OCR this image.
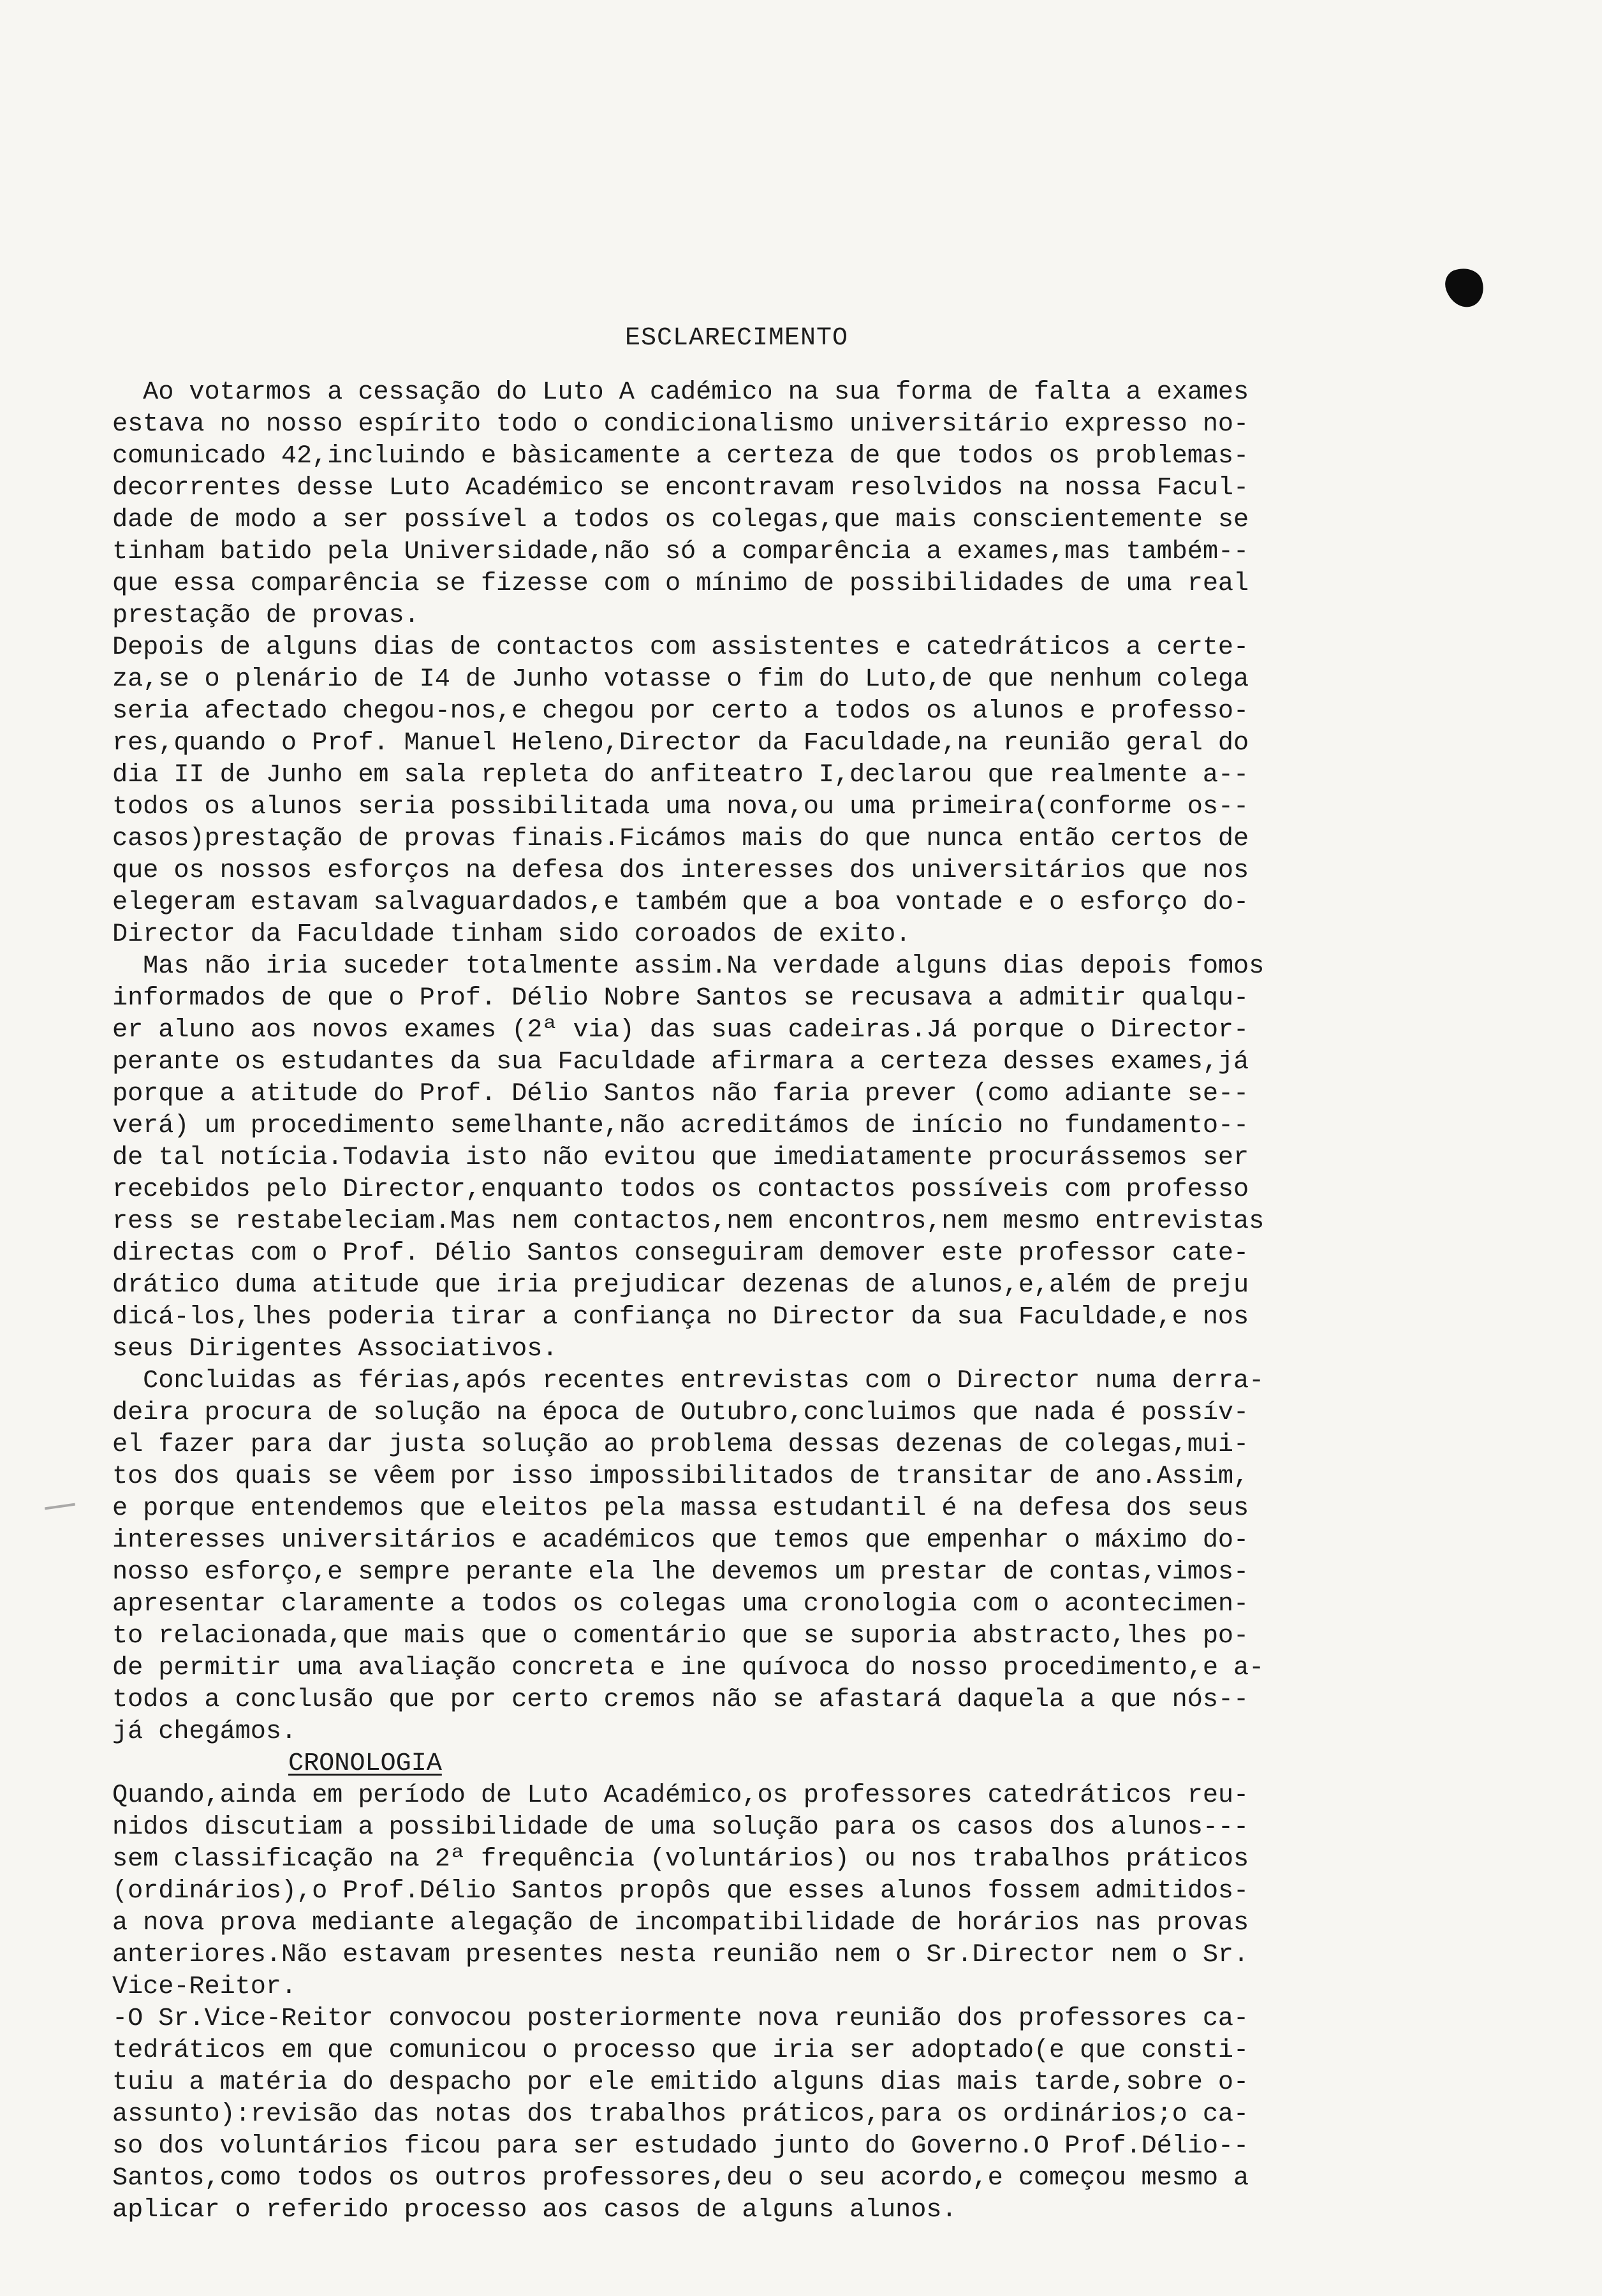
ESCLARECIMENTO
Ao votarmos a cessação do Luto A cadémico na sua forma de falta a exames
estava no nosso espírito todo o condicionalismo universitário expresso no-
comunicado 42,incluindo e bàsicamente a certeza de que todos os problemas-
decorrentes desse Luto Académico se encontravam resolvidos na nossa Facul-
dade de modo a ser possível a todos os colegas,que mais conscientemente se
tinham batido pela Universidade,não só a comparência a exames,mas também--
que essa comparência se fizesse com o mínimo de possibilidades de uma real
prestação de provas.
Depois de alguns dias de contactos com assistentes e catedráticos a certe-
za,se o plenário de I4 de Junho votasse o fim do Luto,de que nenhum colega
seria afectado chegou-nos,e chegou por certo a todos os alunos e professo-
res,quando o Prof. Manuel Heleno,Director da Faculdade,na reunião geral do
dia II de Junho em sala repleta do anfiteatro I,declarou que realmente a--
todos os alunos seria possibilitada uma nova,ou uma primeira(conforme os--
casos)prestação de provas finais.Ficámos mais do que nunca então certos de
que os nossos esforços na defesa dos interesses dos universitários que nos
elegeram estavam salvaguardados,e também que a boa vontade e o esforço do-
Director da Faculdade tinham sido coroados de exito.
Mas não iria suceder totalmente assim.Na verdade alguns dias depois fomos
informados de que o Prof. Délio Nobre Santos se recusava a admitir qualqu-
er aluno aos novos exames (2ª via) das suas cadeiras.Já porque o Director-
perante os estudantes da sua Faculdade afirmara a certeza desses exames,já
porque a atitude do Prof. Délio Santos não faria prever (como adiante se--
verá) um procedimento semelhante,não acreditámos de início no fundamento--
de tal notícia.Todavia isto não evitou que imediatamente procurássemos ser
recebidos pelo Director,enquanto todos os contactos possíveis com professo
ress se restabeleciam.Mas nem contactos,nem encontros,nem mesmo entrevistas
directas com o Prof. Délio Santos conseguiram demover este professor cate-
drático duma atitude que iria prejudicar dezenas de alunos,e,além de preju
dicá-los,lhes poderia tirar a confiança no Director da sua Faculdade,e nos
seus Dirigentes Associativos.
Concluidas as férias,após recentes entrevistas com o Director numa derra-
deira procura de solução na época de Outubro,concluimos que nada é possív-
el fazer para dar justa solução ao problema dessas dezenas de colegas,mui-
tos dos quais se vêem por isso impossibilitados de transitar de ano.Assim,
e porque entendemos que eleitos pela massa estudantil é na defesa dos seus
interesses universitários e académicos que temos que empenhar o máximo do-
nosso esforço,e sempre perante ela lhe devemos um prestar de contas,vimos-
apresentar claramente a todos os colegas uma cronologia com o acontecimen-
to relacionada,que mais que o comentário que se suporia abstracto,lhes po-
de permitir uma avaliação concreta e ine quívoca do nosso procedimento,e a-
todos a conclusão que por certo cremos não se afastará daquela a que nós--
já chegámos.
CRONOLOGIA
Quando,ainda em período de Luto Académico,os professores catedráticos reu-
nidos discutiam a possibilidade de uma solução para os casos dos alunos---
sem classificação na 2ª frequência (voluntários) ou nos trabalhos práticos
(ordinários),o Prof.Délio Santos propôs que esses alunos fossem admitidos-
a nova prova mediante alegação de incompatibilidade de horários nas provas
anteriores.Não estavam presentes nesta reunião nem o Sr.Director nem o Sr.
Vice-Reitor.
-O Sr.Vice-Reitor convocou posteriormente nova reunião dos professores ca-
tedráticos em que comunicou o processo que iria ser adoptado(e que consti-
tuiu a matéria do despacho por ele emitido alguns dias mais tarde,sobre o-
assunto):revisão das notas dos trabalhos práticos,para os ordinários;o ca-
so dos voluntários ficou para ser estudado junto do Governo.O Prof.Délio--
Santos,como todos os outros professores,deu o seu acordo,e começou mesmo a
aplicar o referido processo aos casos de alguns alunos.
